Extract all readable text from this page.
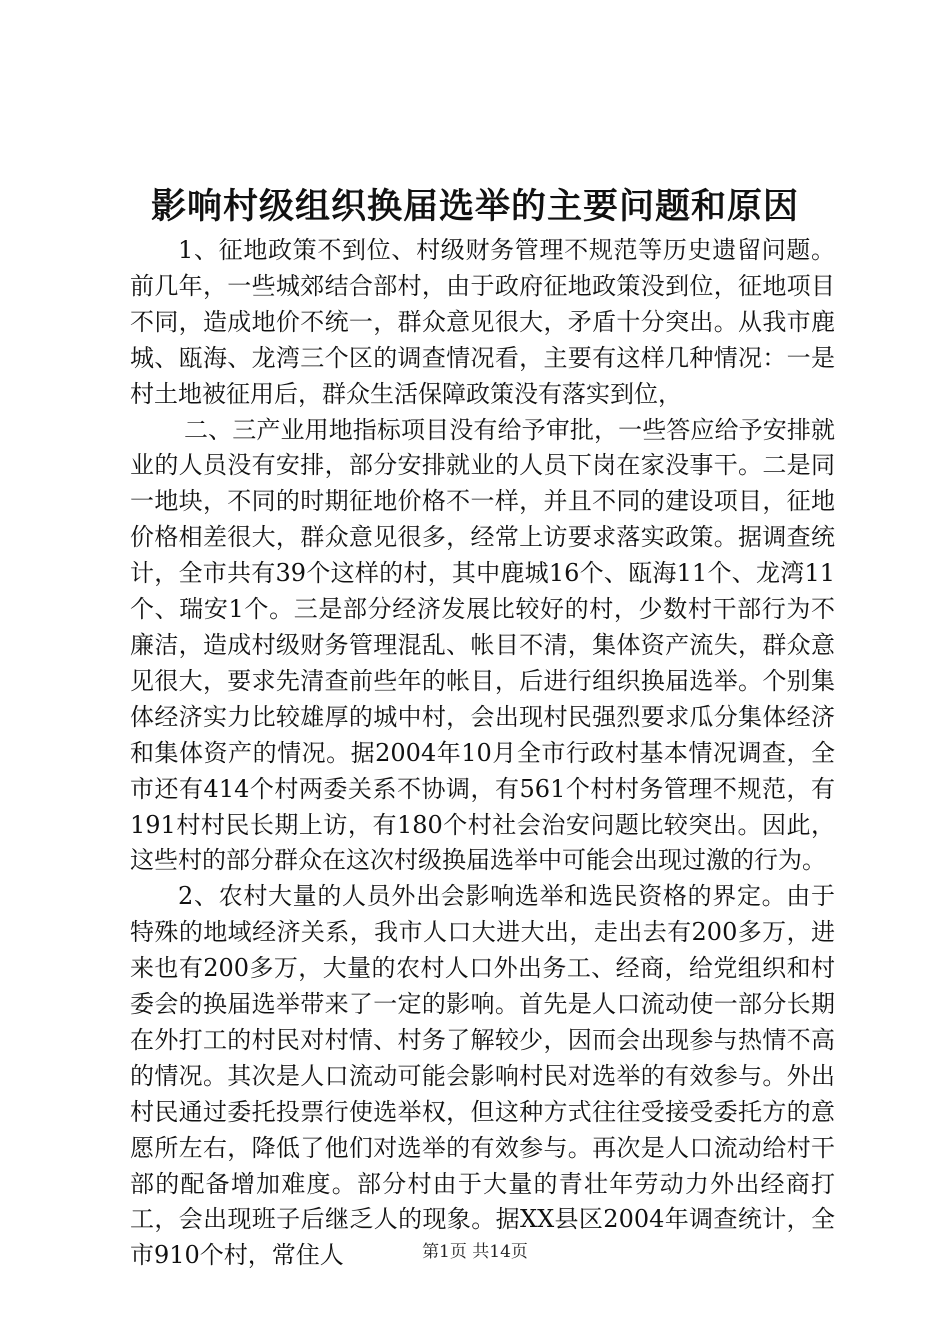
影响村级组织换届选举的主要问题和原因

1、征地政策不到位、村级财务管理不规范等历史遗留问题。前几年，一些城郊结合部村，由于政府征地政策没到位，征地项目不同，造成地价不统一，群众意见很大，矛盾十分突出。从我市鹿城、瓯海、龙湾三个区的调查情况看，主要有这样几种情况：一是村土地被征用后，群众生活保障政策没有落实到位，

二、三产业用地指标项目没有给予审批，一些答应给予安排就业的人员没有安排，部分安排就业的人员下岗在家没事干。二是同一地块，不同的时期征地价格不一样，并且不同的建设项目，征地价格相差很大，群众意见很多，经常上访要求落实政策。据调查统计，全市共有39个这样的村，其中鹿城16个、瓯海11个、龙湾11个、瑞安1个。三是部分经济发展比较好的村，少数村干部行为不廉洁，造成村级财务管理混乱、帐目不清，集体资产流失，群众意见很大，要求先清查前些年的帐目，后进行组织换届选举。个别集体经济实力比较雄厚的城中村，会出现村民强烈要求瓜分集体经济和集体资产的情况。据2004年10月全市行政村基本情况调查，全市还有414个村两委关系不协调，有561个村村务管理不规范，有191村村民长期上访，有180个村社会治安问题比较突出。因此，这些村的部分群众在这次村级换届选举中可能会出现过激的行为。

2、农村大量的人员外出会影响选举和选民资格的界定。由于特殊的地域经济关系，我市人口大进大出，走出去有200多万，进来也有200多万，大量的农村人口外出务工、经商，给党组织和村委会的换届选举带来了一定的影响。首先是人口流动使一部分长期在外打工的村民对村情、村务了解较少，因而会出现参与热情不高的情况。其次是人口流动可能会影响村民对选举的有效参与。外出村民通过委托投票行使选举权，但这种方式往往受接受委托方的意愿所左右，降低了他们对选举的有效参与。再次是人口流动给村干部的配备增加难度。部分村由于大量的青壮年劳动力外出经商打工，会出现班子后继乏人的现象。据XX县区2004年调查统计，全市910个村，常住人	第1页 共14页
